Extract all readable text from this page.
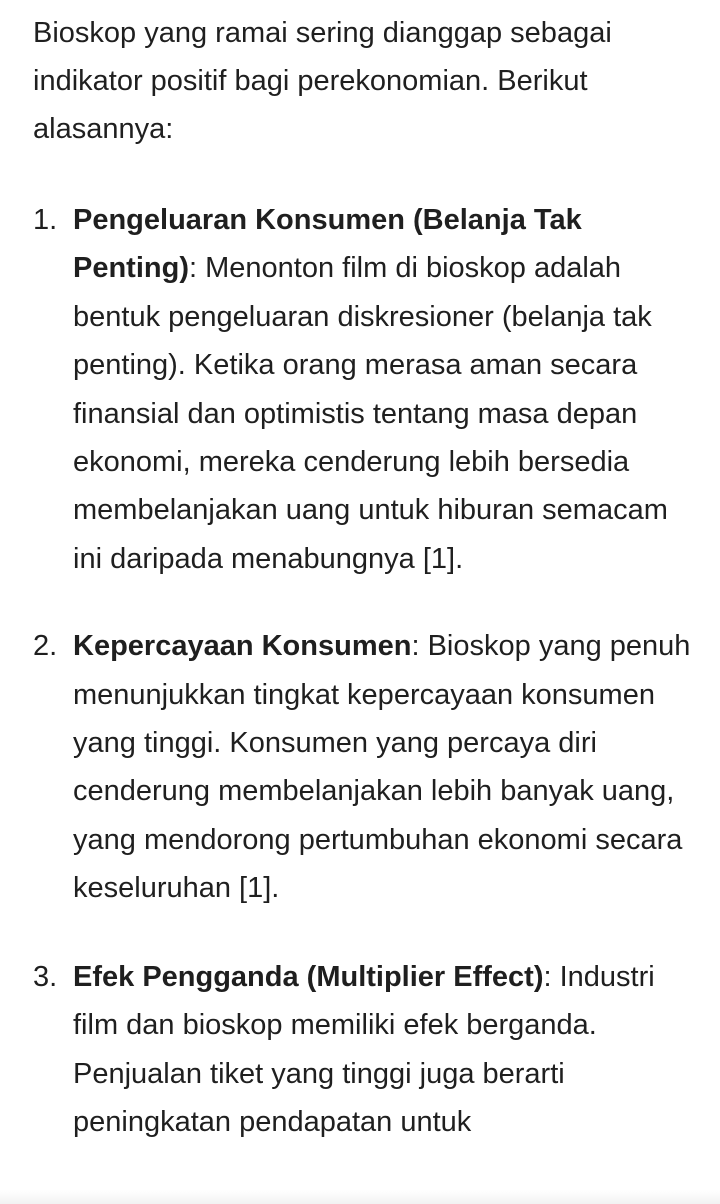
Bioskop yang ramai sering dianggap sebagai indikator positif bagi perekonomian. Berikut alasannya:

1. Pengeluaran Konsumen (Belanja Tak Penting): Menonton film di bioskop adalah bentuk pengeluaran diskresioner (belanja tak penting). Ketika orang merasa aman secara finansial dan optimistis tentang masa depan ekonomi, mereka cenderung lebih bersedia membelanjakan uang untuk hiburan semacam ini daripada menabungnya [1].
2. Kepercayaan Konsumen: Bioskop yang penuh menunjukkan tingkat kepercayaan konsumen yang tinggi. Konsumen yang percaya diri cenderung membelanjakan lebih banyak uang, yang mendorong pertumbuhan ekonomi secara keseluruhan [1].
3. Efek Pengganda (Multiplier Effect): Industri film dan bioskop memiliki efek berganda. Penjualan tiket yang tinggi juga berarti peningkatan pendapatan untuk
